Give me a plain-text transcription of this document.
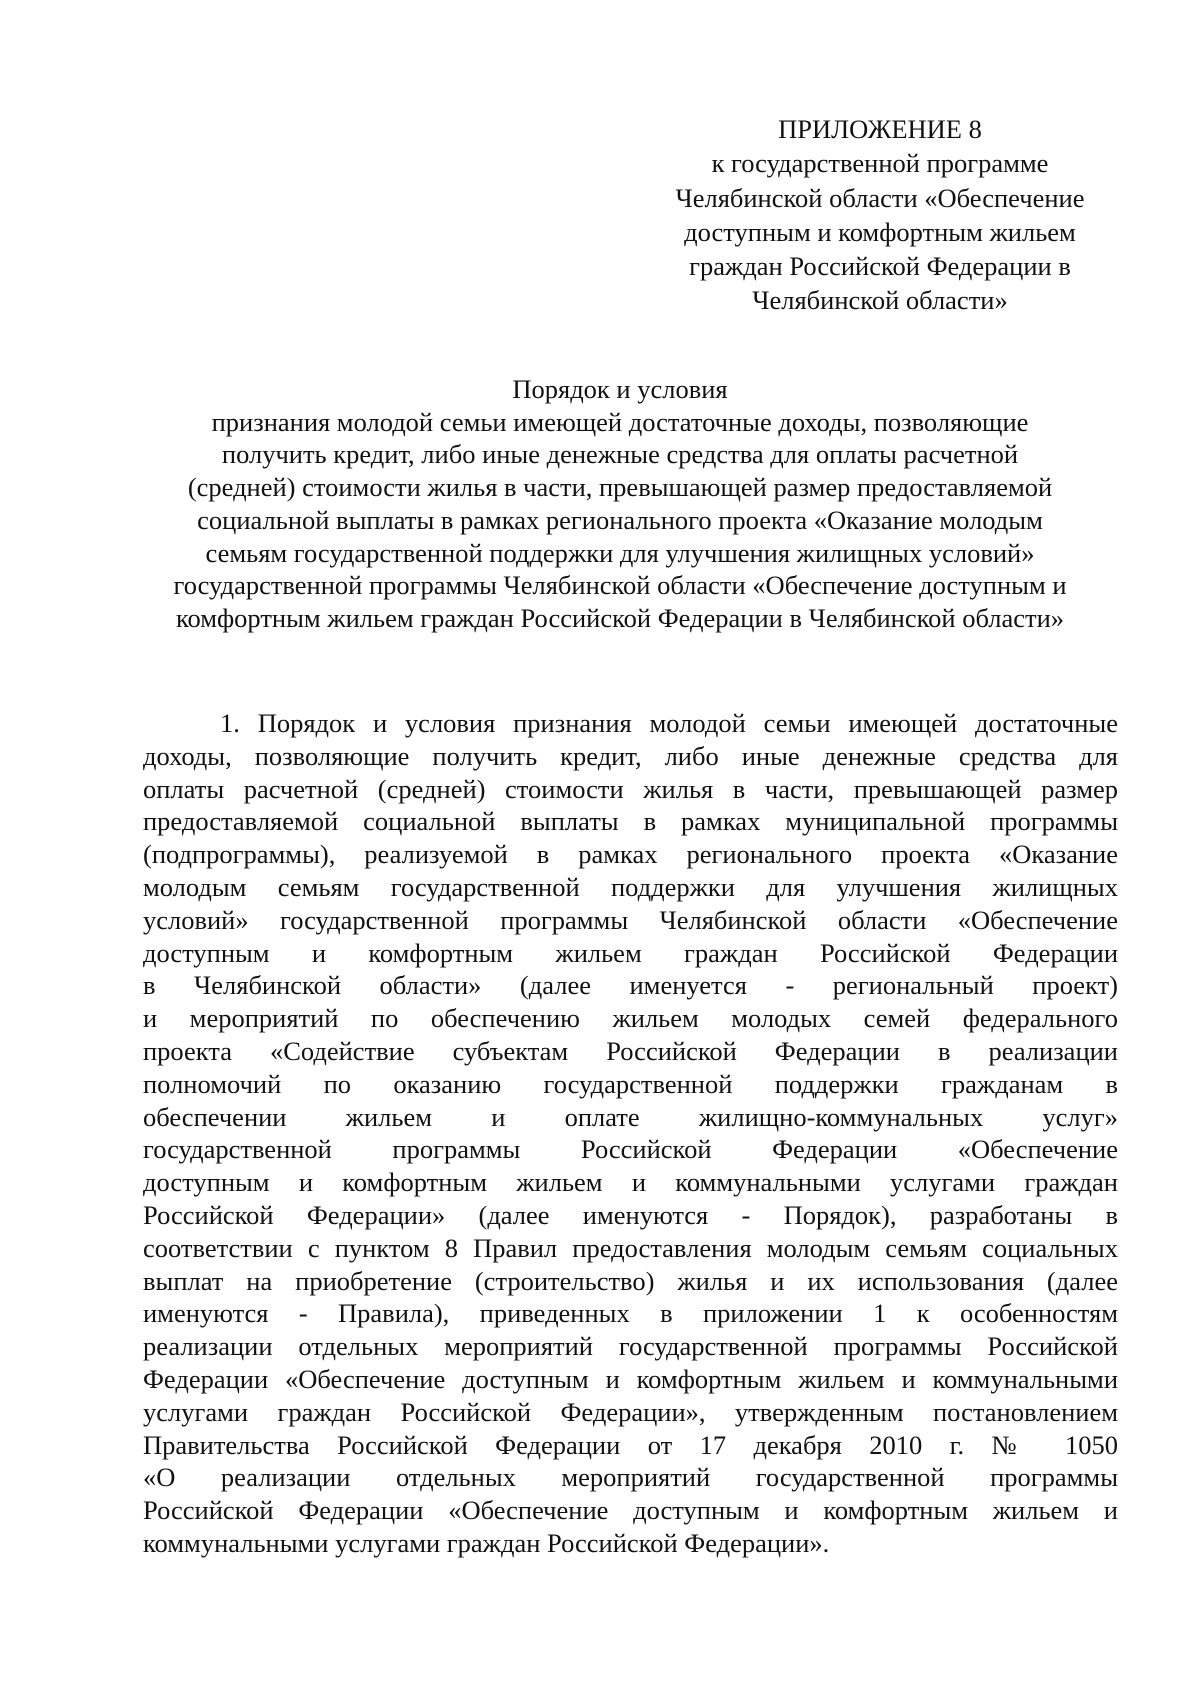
ПРИЛОЖЕНИЕ 8
к государственной программе
Челябинской области «Обеспечение
доступным и комфортным жильем
граждан Российской Федерации в
Челябинской области»
Порядок и условия
признания молодой семьи имеющей достаточные доходы, позволяющие
получить кредит, либо иные денежные средства для оплаты расчетной
(средней) стоимости жилья в части, превышающей размер предоставляемой
социальной выплаты в рамках регионального проекта «Оказание молодым
семьям государственной поддержки для улучшения жилищных условий»
государственной программы Челябинской области «Обеспечение доступным и
комфортным жильем граждан Российской Федерации в Челябинской области»
1. Порядок и условия признания молодой семьи имеющей достаточные
доходы, позволяющие получить кредит, либо иные денежные средства для
оплаты расчетной (средней) стоимости жилья в части, превышающей размер
предоставляемой социальной выплаты в рамках муниципальной программы
(подпрограммы), реализуемой в рамках регионального проекта «Оказание
молодым семьям государственной поддержки для улучшения жилищных
условий» государственной программы Челябинской области «Обеспечение
доступным и комфортным жильем граждан Российской Федерации
в Челябинской области» (далее именуется - региональный проект)
и мероприятий по обеспечению жильем молодых семей федерального
проекта «Содействие субъектам Российской Федерации в реализации
полномочий по оказанию государственной поддержки гражданам в
обеспечении жильем и оплате жилищно-коммунальных услуг»
государственной программы Российской Федерации «Обеспечение
доступным и комфортным жильем и коммунальными услугами граждан
Российской Федерации» (далее именуются - Порядок), разработаны в
соответствии с пунктом 8 Правил предоставления молодым семьям социальных
выплат на приобретение (строительство) жилья и их использования (далее
именуются - Правила), приведенных в приложении 1 к особенностям
реализации отдельных мероприятий государственной программы Российской
Федерации «Обеспечение доступным и комфортным жильем и коммунальными
услугами граждан Российской Федерации», утвержденным постановлением
Правительства Российской Федерации от 17 декабря 2010 г. № 1050
«О реализации отдельных мероприятий государственной программы
Российской Федерации «Обеспечение доступным и комфортным жильем и
коммунальными услугами граждан Российской Федерации».
